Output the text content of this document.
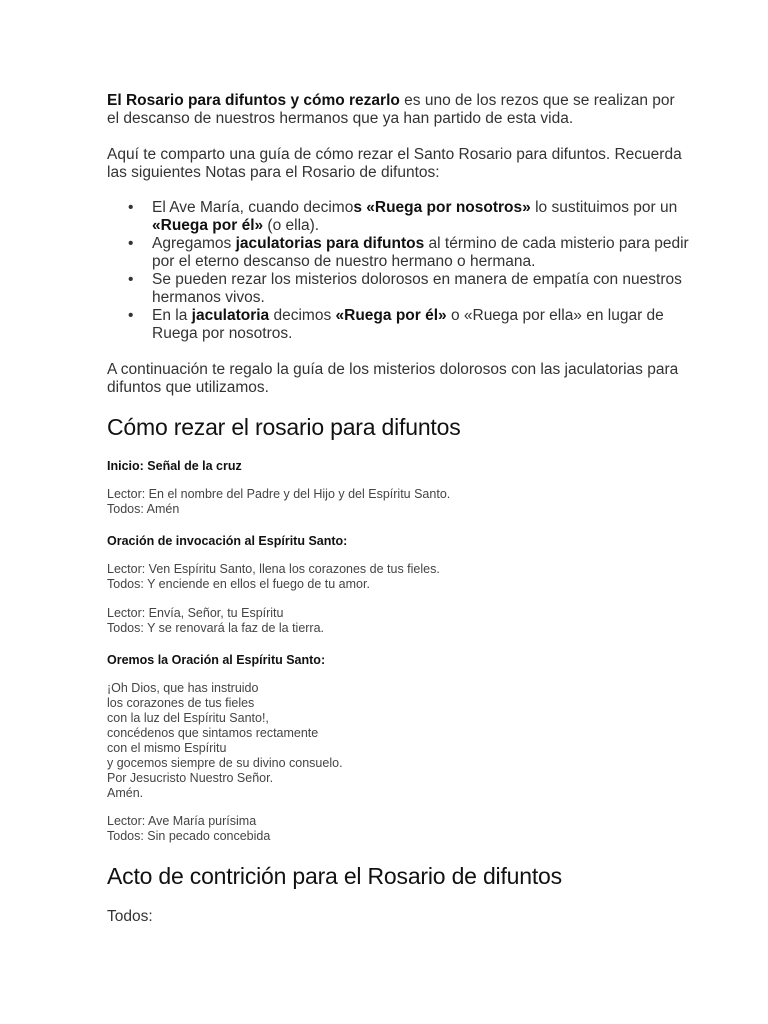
El Rosario para difuntos y cómo rezarlo es uno de los rezos que se realizan por el descanso de nuestros hermanos que ya han partido de esta vida.

Aquí te comparto una guía de cómo rezar el Santo Rosario para difuntos. Recuerda las siguientes Notas para el Rosario de difuntos:

• El Ave María, cuando decimos «Ruega por nosotros» lo sustituimos por un «Ruega por él» (o ella).
• Agregamos jaculatorias para difuntos al término de cada misterio para pedir por el eterno descanso de nuestro hermano o hermana.
• Se pueden rezar los misterios dolorosos en manera de empatía con nuestros hermanos vivos.
• En la jaculatoria decimos «Ruega por él» o «Ruega por ella» en lugar de Ruega por nosotros.

A continuación te regalo la guía de los misterios dolorosos con las jaculatorias para difuntos que utilizamos.

Cómo rezar el rosario para difuntos

Inicio: Señal de la cruz

Lector: En el nombre del Padre y del Hijo y del Espíritu Santo.
Todos: Amén

Oración de invocación al Espíritu Santo:

Lector: Ven Espíritu Santo, llena los corazones de tus fieles.
Todos: Y enciende en ellos el fuego de tu amor.
Lector: Envía, Señor, tu Espíritu
Todos: Y se renovará la faz de la tierra.

Oremos la Oración al Espíritu Santo:

¡Oh Dios, que has instruido
los corazones de tus fieles
con la luz del Espíritu Santo!,
concédenos que sintamos rectamente
con el mismo Espíritu
y gocemos siempre de su divino consuelo.
Por Jesucristo Nuestro Señor.
Amén.
Lector: Ave María purísima
Todos: Sin pecado concebida
Acto de contrición para el Rosario de difuntos

Todos:
